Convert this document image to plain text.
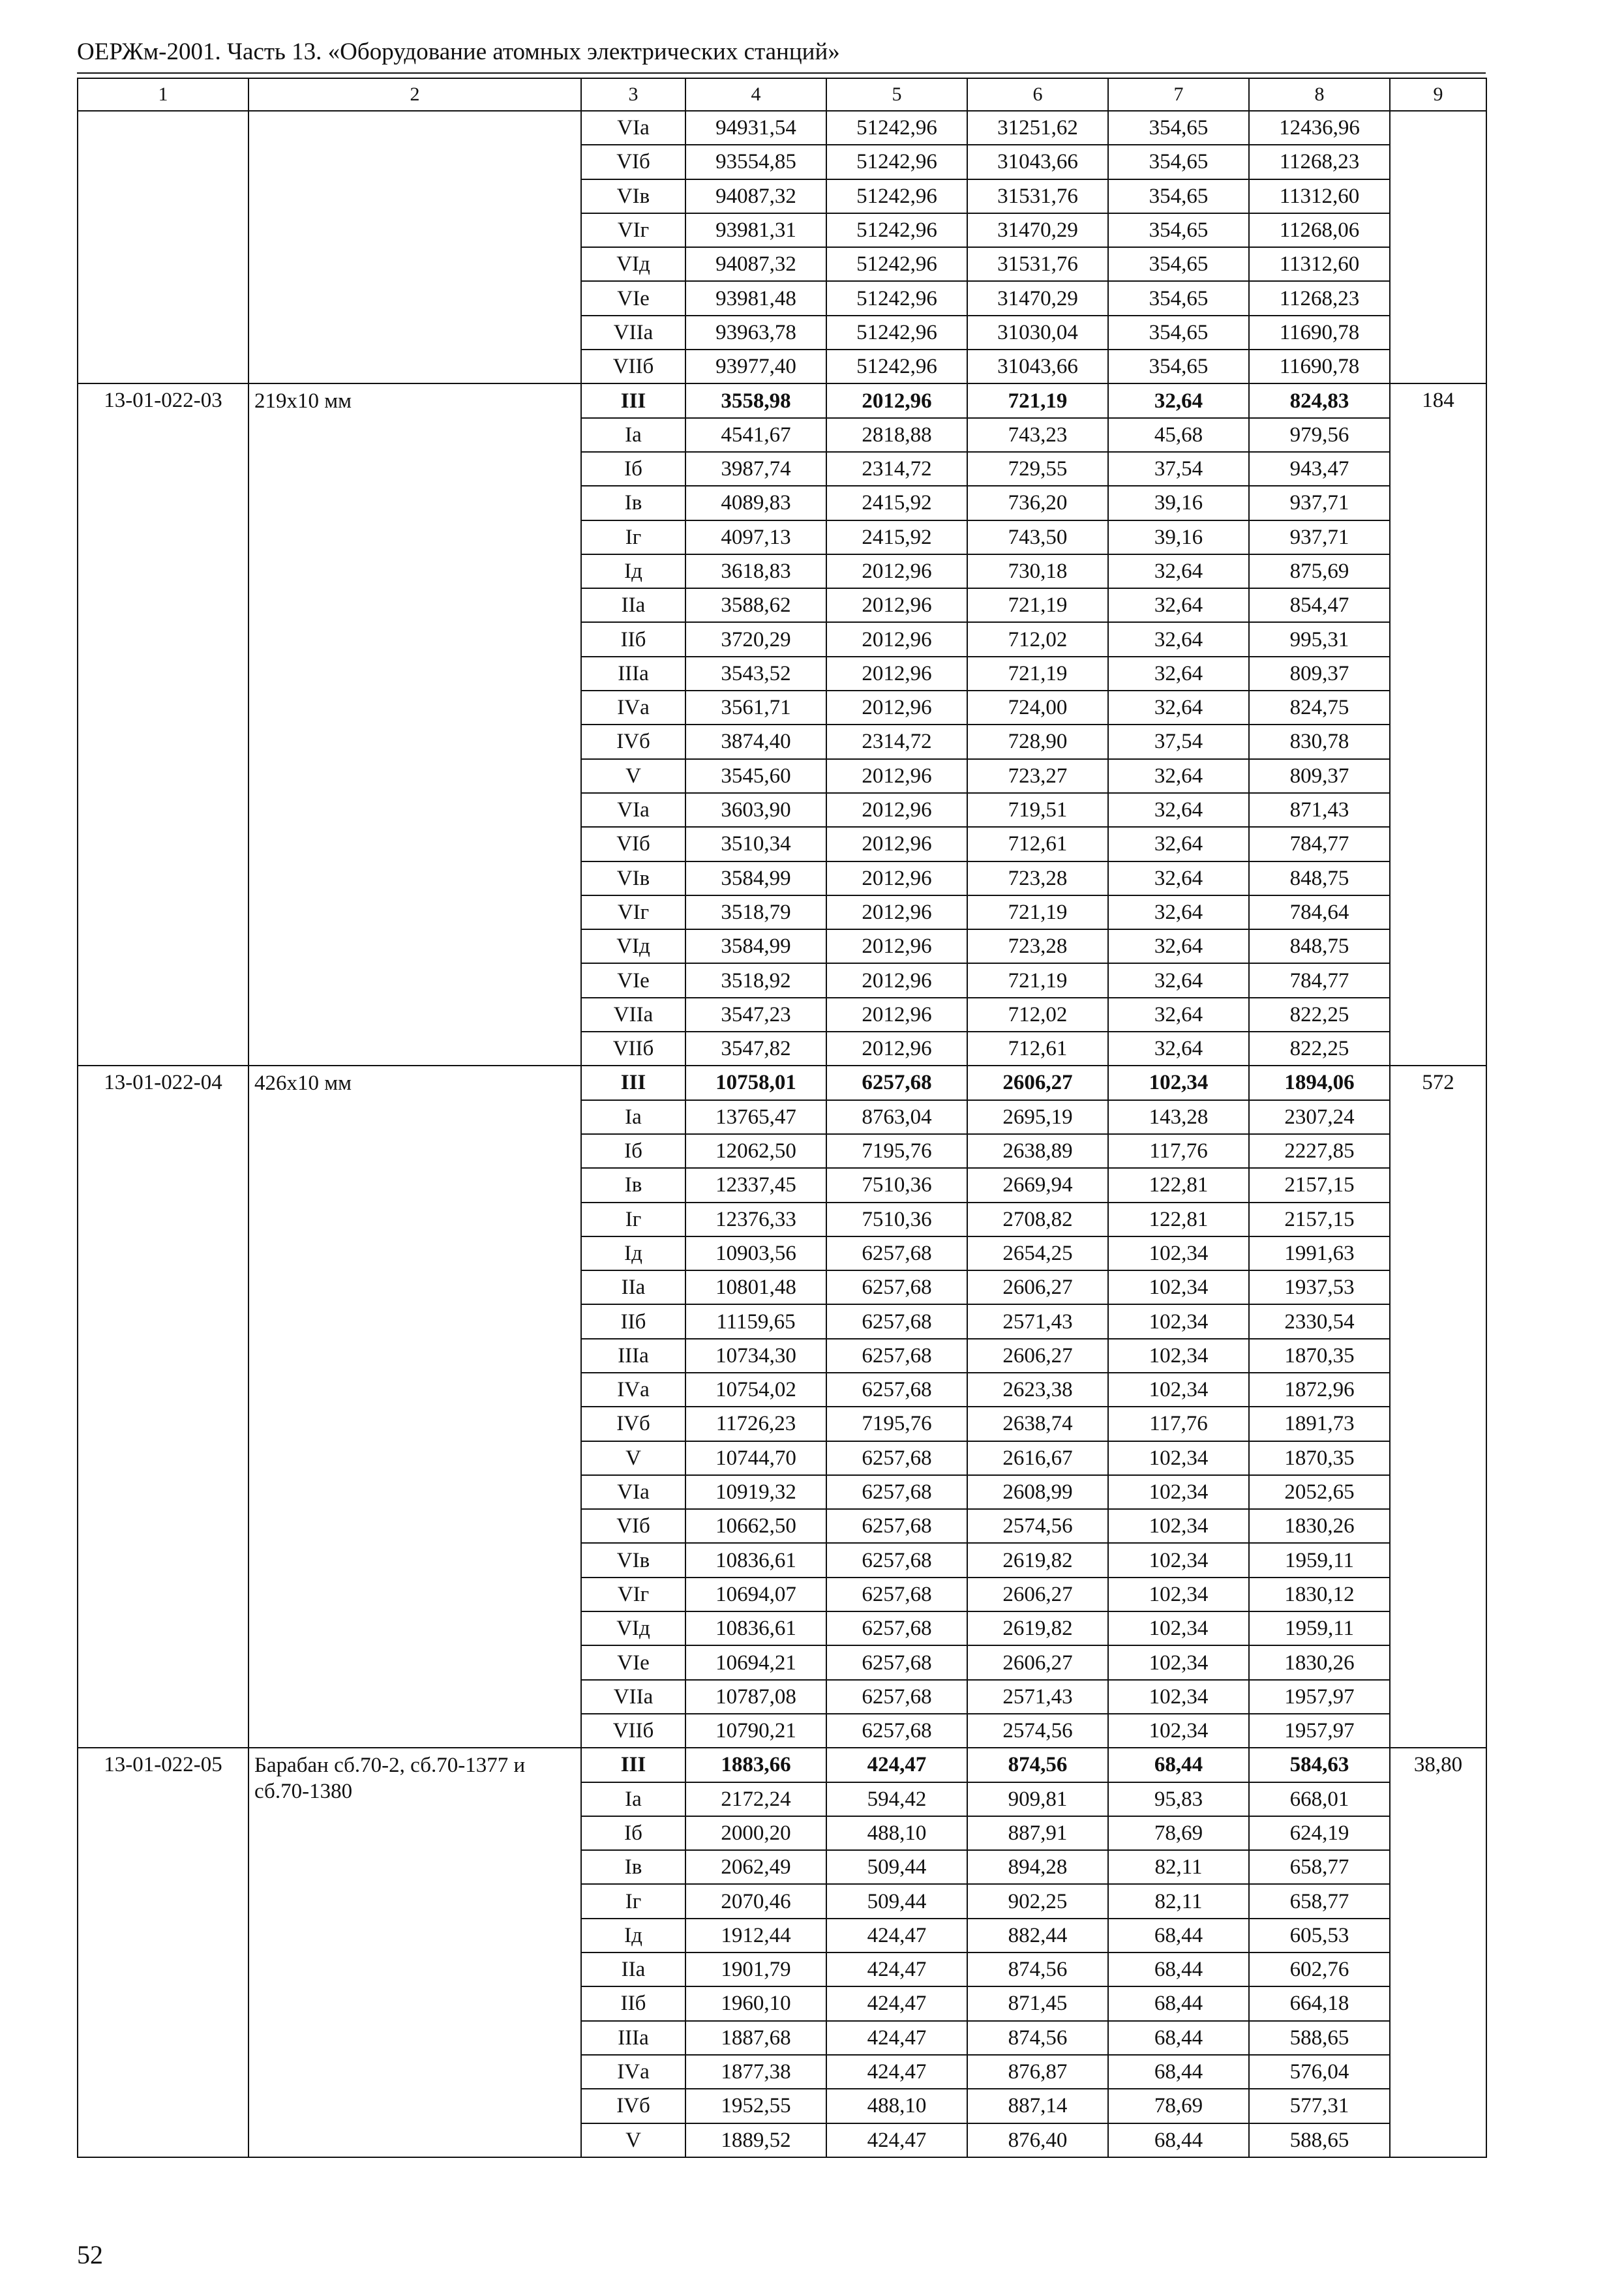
ОЕРЖм-2001. Часть 13. «Оборудование атомных электрических станций»
1	2	3	4	5	6	7	8	9
		VIа	94931,54	51242,96	31251,62	354,65	12436,96	
		VIб	93554,85	51242,96	31043,66	354,65	11268,23	
		VIв	94087,32	51242,96	31531,76	354,65	11312,60	
		VIг	93981,31	51242,96	31470,29	354,65	11268,06	
		VIд	94087,32	51242,96	31531,76	354,65	11312,60	
		VIе	93981,48	51242,96	31470,29	354,65	11268,23	
		VIIа	93963,78	51242,96	31030,04	354,65	11690,78	
		VIIб	93977,40	51242,96	31043,66	354,65	11690,78	
13-01-022-03	219х10 мм	III	3558,98	2012,96	721,19	32,64	824,83	184
		Iа	4541,67	2818,88	743,23	45,68	979,56	
		Iб	3987,74	2314,72	729,55	37,54	943,47	
		Iв	4089,83	2415,92	736,20	39,16	937,71	
		Iг	4097,13	2415,92	743,50	39,16	937,71	
		Iд	3618,83	2012,96	730,18	32,64	875,69	
		IIа	3588,62	2012,96	721,19	32,64	854,47	
		IIб	3720,29	2012,96	712,02	32,64	995,31	
		IIIа	3543,52	2012,96	721,19	32,64	809,37	
		IVа	3561,71	2012,96	724,00	32,64	824,75	
		IVб	3874,40	2314,72	728,90	37,54	830,78	
		V	3545,60	2012,96	723,27	32,64	809,37	
		VIа	3603,90	2012,96	719,51	32,64	871,43	
		VIб	3510,34	2012,96	712,61	32,64	784,77	
		VIв	3584,99	2012,96	723,28	32,64	848,75	
		VIг	3518,79	2012,96	721,19	32,64	784,64	
		VIд	3584,99	2012,96	723,28	32,64	848,75	
		VIе	3518,92	2012,96	721,19	32,64	784,77	
		VIIа	3547,23	2012,96	712,02	32,64	822,25	
		VIIб	3547,82	2012,96	712,61	32,64	822,25	
13-01-022-04	426х10 мм	III	10758,01	6257,68	2606,27	102,34	1894,06	572
		Iа	13765,47	8763,04	2695,19	143,28	2307,24	
		Iб	12062,50	7195,76	2638,89	117,76	2227,85	
		Iв	12337,45	7510,36	2669,94	122,81	2157,15	
		Iг	12376,33	7510,36	2708,82	122,81	2157,15	
		Iд	10903,56	6257,68	2654,25	102,34	1991,63	
		IIа	10801,48	6257,68	2606,27	102,34	1937,53	
		IIб	11159,65	6257,68	2571,43	102,34	2330,54	
		IIIа	10734,30	6257,68	2606,27	102,34	1870,35	
		IVа	10754,02	6257,68	2623,38	102,34	1872,96	
		IVб	11726,23	7195,76	2638,74	117,76	1891,73	
		V	10744,70	6257,68	2616,67	102,34	1870,35	
		VIа	10919,32	6257,68	2608,99	102,34	2052,65	
		VIб	10662,50	6257,68	2574,56	102,34	1830,26	
		VIв	10836,61	6257,68	2619,82	102,34	1959,11	
		VIг	10694,07	6257,68	2606,27	102,34	1830,12	
		VIд	10836,61	6257,68	2619,82	102,34	1959,11	
		VIе	10694,21	6257,68	2606,27	102,34	1830,26	
		VIIа	10787,08	6257,68	2571,43	102,34	1957,97	
		VIIб	10790,21	6257,68	2574,56	102,34	1957,97	
13-01-022-05	Барабан сб.70-2, сб.70-1377 и сб.70-1380	III	1883,66	424,47	874,56	68,44	584,63	38,80
		Iа	2172,24	594,42	909,81	95,83	668,01	
		Iб	2000,20	488,10	887,91	78,69	624,19	
		Iв	2062,49	509,44	894,28	82,11	658,77	
		Iг	2070,46	509,44	902,25	82,11	658,77	
		Iд	1912,44	424,47	882,44	68,44	605,53	
		IIа	1901,79	424,47	874,56	68,44	602,76	
		IIб	1960,10	424,47	871,45	68,44	664,18	
		IIIа	1887,68	424,47	874,56	68,44	588,65	
		IVа	1877,38	424,47	876,87	68,44	576,04	
		IVб	1952,55	488,10	887,14	78,69	577,31	
		V	1889,52	424,47	876,40	68,44	588,65	
52
